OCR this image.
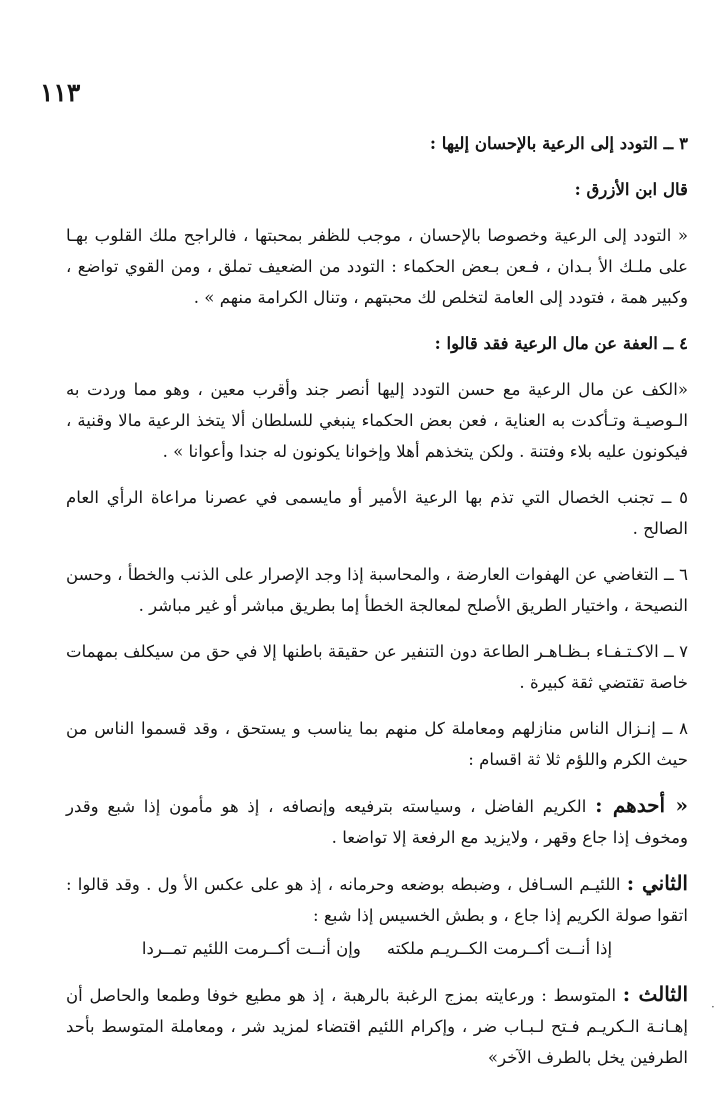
١١٣

٣ ــ التودد إلى الرعية بالإحسان إليها :

قال ابن الأزرق :

« التودد إلى الرعية وخصوصا بالإحسان ، موجب للظفر بمحبتها ، فالراجح ملك القلوب بهـا على ملـك الأ بـدان ، فـعن بـعض الحكماء : التودد من الضعيف تملق ، ومن القوي تواضع ، وكبير همة ، فتودد إلى العامة لتخلص لك محبتهم ، وتنال الكرامة منهم » .

٤ ــ العفة عن مال الرعية فقد قالوا :

«الكف عن مال الرعية مع حسن التودد إليها أنصر جند وأقرب معين ، وهو مما وردت به الـوصيـة وتـأكدت به العناية ، فعن بعض الحكماء ينبغي للسلطان ألا يتخذ الرعية مالا وقنية ، فيكونون عليه بلاء وفتنة . ولكن يتخذهم أهلا وإخوانا يكونون له جندا وأعوانا » .

٥ ــ تجنب الخصال التي تذم بها الرعية الأمير أو مايسمى في عصرنا مراعاة الرأي العام الصالح .

٦ ــ التغاضي عن الهفوات العارضة ، والمحاسبة إذا وجد الإصرار على الذنب والخطأ ، وحسن النصيحة ، واختيار الطريق الأصلح لمعالجة الخطأ إما بطريق مباشر أو غير مباشر .

٧ ــ الاكـتـفـاء بـظـاهـر الطاعة دون التنفير عن حقيقة باطنها إلا في حق من سيكلف بمهمات خاصة تقتضي ثقة كبيرة .

٨ ــ إنـزال الناس منازلهم ومعاملة كل منهم بما يناسب و يستحق ، وقد قسموا الناس من حيث الكرم واللؤم ثلا ثة اقسام :

« أحدهم : الكريم الفاضل ، وسياسته بترفيعه وإنصافه ، إذ هو مأمون إذا شبع وقدر ومخوف إذا جاع وقهر ، ولايزيد مع الرفعة إلا تواضعا .

الثاني : اللئيـم السـافل ، وضبطه بوضعه وحرمانه ، إذ هو على عكس الأ ول . وقد قالوا : اتقوا صولة الكريم إذا جاع ، و بطش الخسيس إذا شبع :

إذا أنــت أكــرمت الكــريـم ملكته
وإن أنــت أكــرمت اللئيم تمــردا

الثالث : المتوسط : ورعايته بمزج الرغبة بالرهبة ، إذ هو مطيع خوفا وطمعا والحاصل أن إهـانـة الـكريـم فـتح لـبـاب ضر ، وإكرام اللئيم اقتضاء لمزيد شر ، ومعاملة المتوسط بأحد الطرفين يخل بالطرف الآخر»

·
